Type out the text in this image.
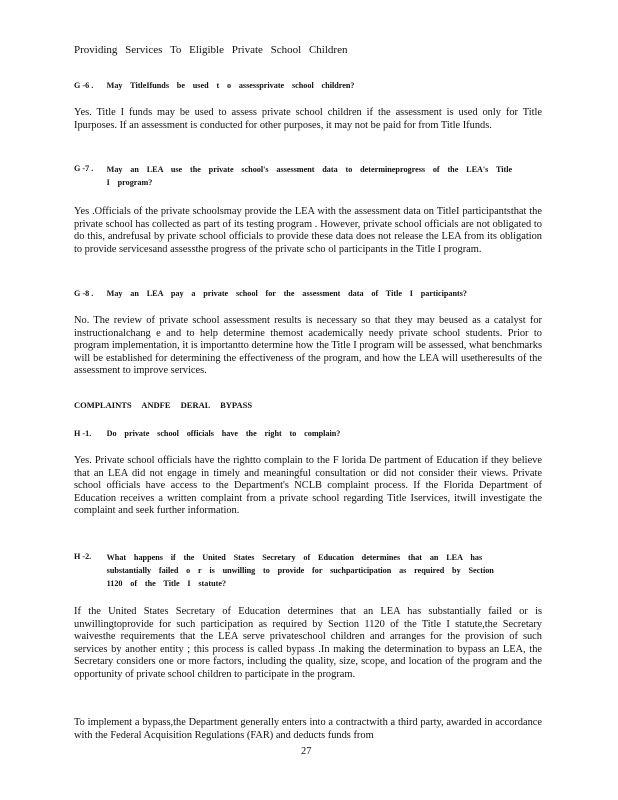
Providing Services To Eligible Private School Children
G -6 . May TitleIfunds be used t o assessprivate school children?
Yes. Title I funds may be used to assess private school children if the assessment is used only for Title Ipurposes. If an assessment is conducted for other purposes, it may not be paid for from Title Ifunds.
G -7 . May an LEA use the private school's assessment data to determineprogress of the LEA's Title I program?
Yes .Officials of the private schoolsmay provide the LEA with the assessment data on TitleI participantsthat the private school has collected as part of its testing program . However, private school officials are not obligated to do this, andrefusal by private school officials to provide these data does not release the LEA from its obligation to provide servicesand assessthe progress of the private scho ol participants in the Title I program.
G -8 . May an LEA pay a private school for the assessment data of Title I participants?
No. The review of private school assessment results is necessary so that they may beused as a catalyst for instructionalchang e and to help determine themost academically needy private school students. Prior to program implementation, it is importantto determine how the Title I program will be assessed, what benchmarks will be established for determining the effectiveness of the program, and how the LEA will usetheresults of the assessment to improve services.
COMPLAINTS ANDFE DERAL BYPASS
H -1. Do private school officials have the right to complain?
Yes. Private school officials have the rightto complain to the F lorida De partment of Education if they believe that an LEA did not engage in timely and meaningful consultation or did not consider their views. Private school officials have access to the Department's NCLB complaint process. If the Florida Department of Education receives a written complaint from a private school regarding Title Iservices, itwill investigate the complaint and seek further information.
H -2. What happens if the United States Secretary of Education determines that an LEA has substantially failed o r is unwilling to provide for suchparticipation as required by Section 1120 of the Title I statute?
If the United States Secretary of Education determines that an LEA has substantially failed or is unwillingtoprovide for such participation as required by Section 1120 of the Title I statute,the Secretary waivesthe requirements that the LEA serve privateschool children and arranges for the provision of such services by another entity ; this process is called bypass .In making the determination to bypass an LEA, the Secretary considers one or more factors, including the quality, size, scope, and location of the program and the opportunity of private school children to participate in the program.
To implement a bypass,the Department generally enters into a contractwith a third party, awarded in accordance with the Federal Acquisition Regulations (FAR) and deducts funds from
27
